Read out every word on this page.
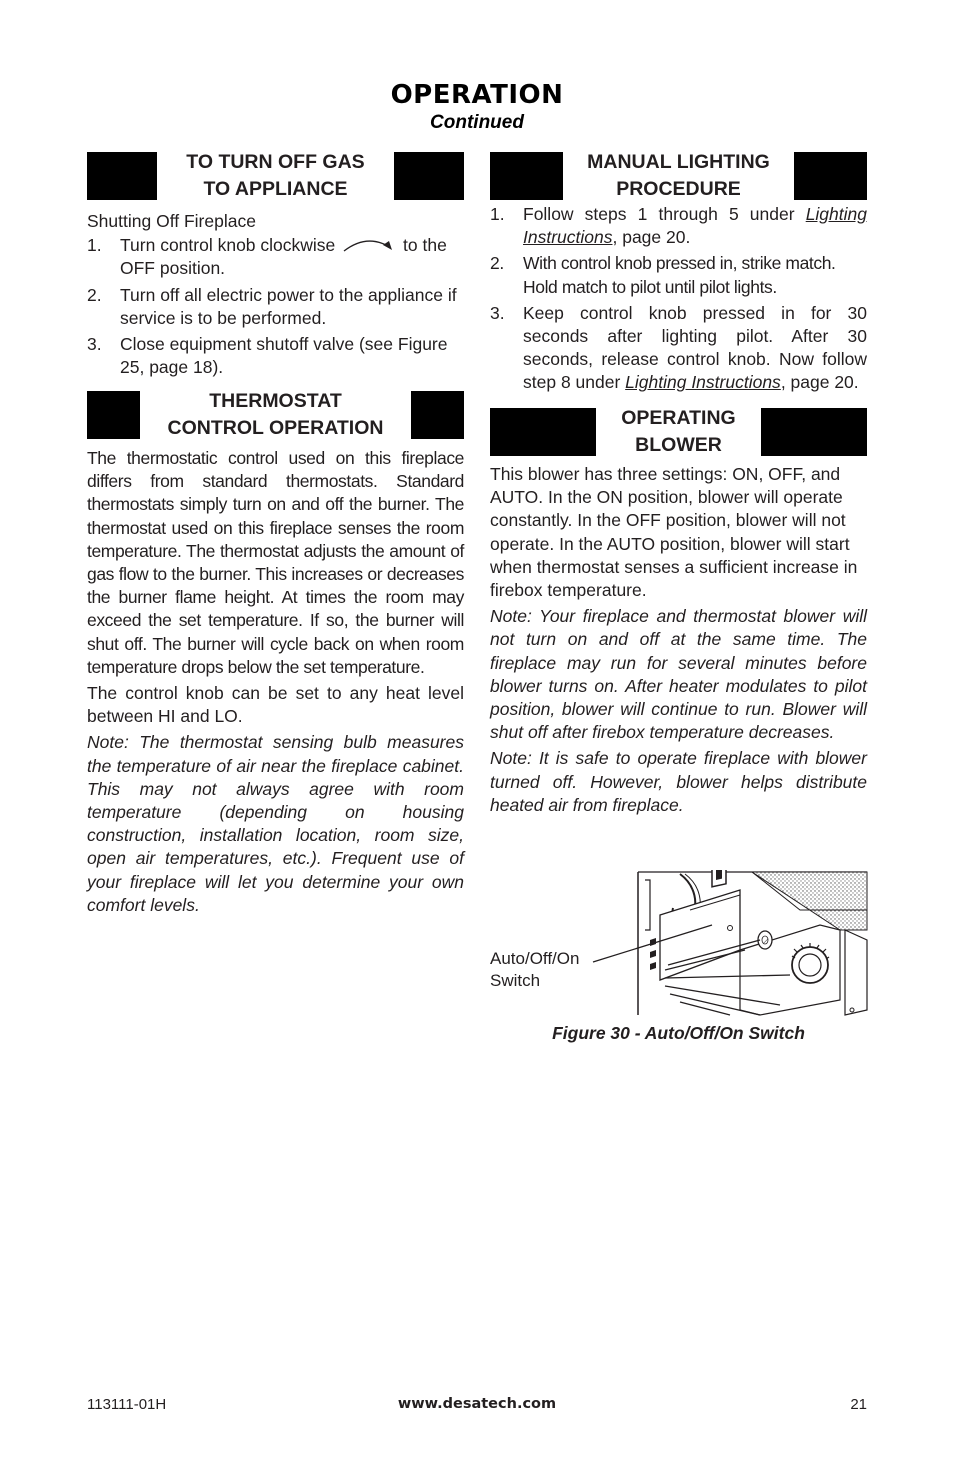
OPERATION
Continued
TO TURN OFF GAS
TO APPLIANCE
Shutting Off Fireplace
1. Turn control knob clockwise	to the OFF position.
2. Turn off all electric power to the appliance if service is to be performed.
3. Close equipment shutoff valve (see Figure 25, page 18).
THERMOSTAT
CONTROL OPERATION

The thermostatic control used on this fireplace differs from standard thermostats. Standard thermostats simply turn on and off the burner. The thermostat used on this fireplace senses the room temperature. The thermostat adjusts the amount of gas flow to the burner. This increases or decreases the burner flame height. At times the room may exceed the set temperature. If so, the burner will shut off. The burner will cycle back on when room temperature drops below the set temperature.

The control knob can be set to any heat level between HI and LO.

Note: The thermostat sensing bulb measures the temperature of air near the fireplace cabinet. This may not always agree with room temperature (depending on housing construction, installation location, room size, open air temperatures, etc.). Frequent use of your fireplace will let you determine your own comfort levels.

MANUAL LIGHTING
PROCEDURE
1. Follow steps 1 through 5 under Lighting Instructions, page 20.
2. With control knob pressed in, strike match. Hold match to pilot until pilot lights.
3. Keep control knob pressed in for 30 seconds after lighting pilot. After 30 seconds, release control knob. Now follow step 8 under Lighting Instructions, page 20.
OPERATING
BLOWER

This blower has three settings: ON, OFF, and AUTO. In the ON position, blower will operate constantly. In the OFF position, blower will not operate. In the AUTO position, blower will start when thermostat senses a sufficient increase in firebox temperature.

Note: Your fireplace and thermostat blower will not turn on and off at the same time. The fireplace may run for several minutes before blower turns on. After heater modulates to pilot position, blower will continue to run. Blower will shut off after firebox temperature decreases.

Note: It is safe to operate fireplace with blower turned off. However, blower helps distribute heated air from fireplace.

Auto/Off/On
Switch
Figure 30 - Auto/Off/On Switch
113111-01H	www.desatech.com	21
